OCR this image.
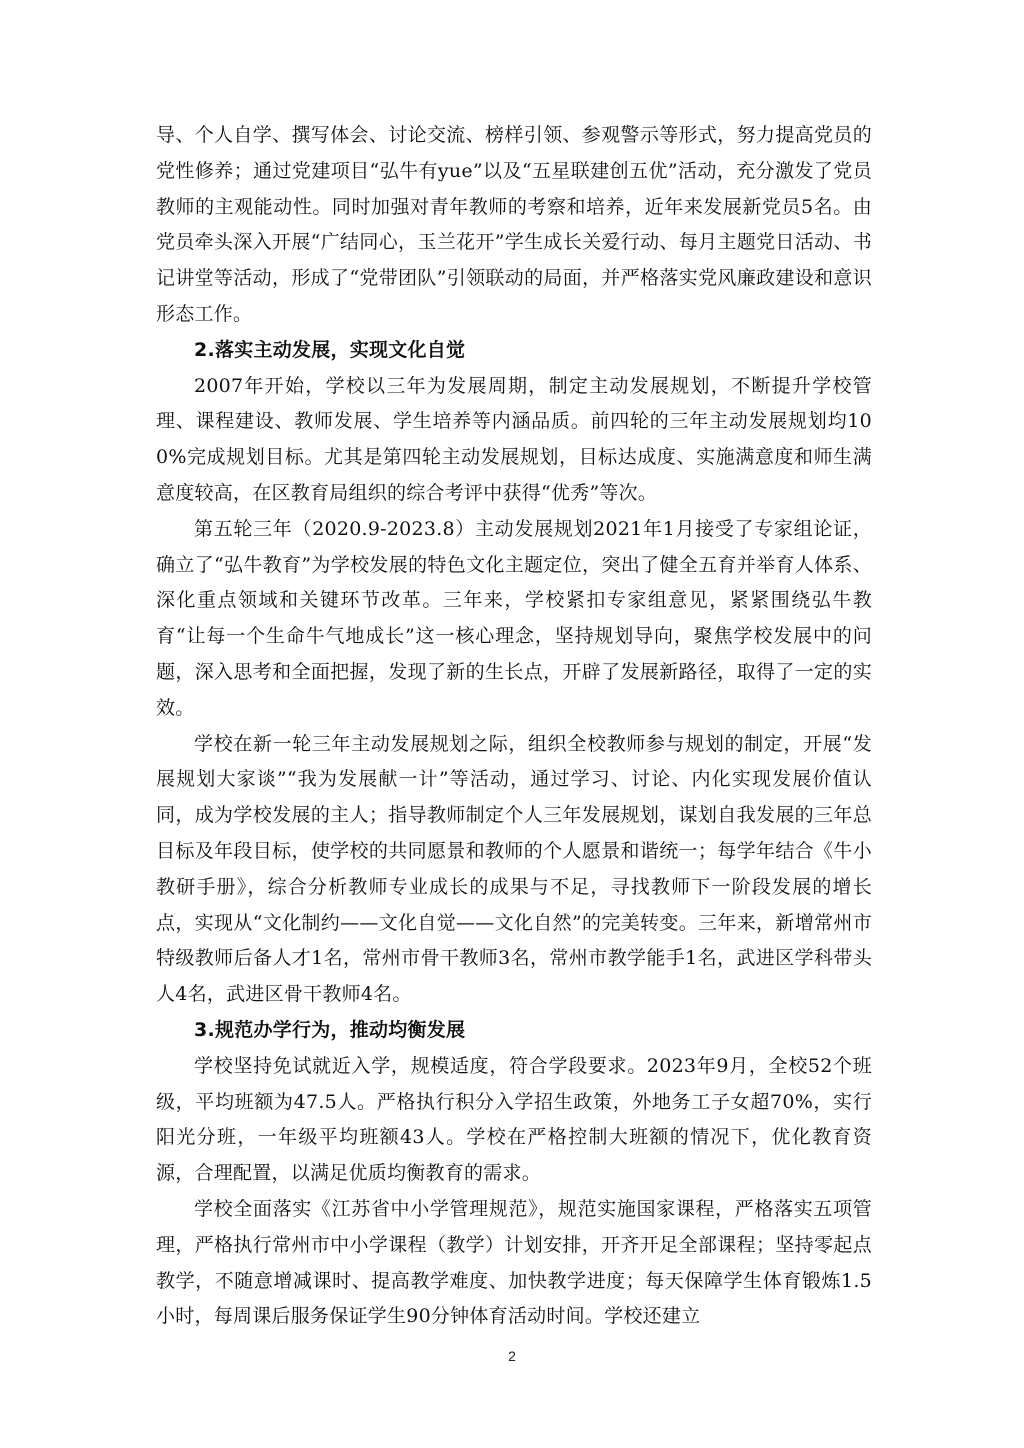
导、个人自学、撰写体会、讨论交流、榜样引领、参观警示等形式，努力提高党员的党性修养；通过党建项目“弘牛有yue”以及“五星联建创五优”活动，充分激发了党员教师的主观能动性。同时加强对青年教师的考察和培养，近年来发展新党员5名。由党员牵头深入开展“广结同心，玉兰花开”学生成长关爱行动、每月主题党日活动、书记讲堂等活动，形成了“党带团队”引领联动的局面，并严格落实党风廉政建设和意识形态工作。

2.落实主动发展，实现文化自觉

2007年开始，学校以三年为发展周期，制定主动发展规划，不断提升学校管理、课程建设、教师发展、学生培养等内涵品质。前四轮的三年主动发展规划均100%完成规划目标。尤其是第四轮主动发展规划，目标达成度、实施满意度和师生满意度较高，在区教育局组织的综合考评中获得“优秀”等次。

第五轮三年（2020.9-2023.8）主动发展规划2021年1月接受了专家组论证，确立了“弘牛教育”为学校发展的特色文化主题定位，突出了健全五育并举育人体系、深化重点领域和关键环节改革。三年来，学校紧扣专家组意见，紧紧围绕弘牛教育“让每一个生命牛气地成长”这一核心理念，坚持规划导向，聚焦学校发展中的问题，深入思考和全面把握，发现了新的生长点，开辟了发展新路径，取得了一定的实效。

学校在新一轮三年主动发展规划之际，组织全校教师参与规划的制定，开展“发展规划大家谈”“我为发展献一计”等活动，通过学习、讨论、内化实现发展价值认同，成为学校发展的主人；指导教师制定个人三年发展规划，谋划自我发展的三年总目标及年段目标，使学校的共同愿景和教师的个人愿景和谐统一；每学年结合《牛小教研手册》，综合分析教师专业成长的成果与不足，寻找教师下一阶段发展的增长点，实现从“文化制约——文化自觉——文化自然”的完美转变。三年来，新增常州市特级教师后备人才1名，常州市骨干教师3名，常州市教学能手1名，武进区学科带头人4名，武进区骨干教师4名。

3.规范办学行为，推动均衡发展

学校坚持免试就近入学，规模适度，符合学段要求。2023年9月，全校52个班级，平均班额为47.5人。严格执行积分入学招生政策，外地务工子女超70%，实行阳光分班，一年级平均班额43人。学校在严格控制大班额的情况下，优化教育资源，合理配置，以满足优质均衡教育的需求。

学校全面落实《江苏省中小学管理规范》，规范实施国家课程，严格落实五项管理，严格执行常州市中小学课程（教学）计划安排，开齐开足全部课程；坚持零起点教学，不随意增减课时、提高教学难度、加快教学进度；每天保障学生体育锻炼1.5小时，每周课后服务保证学生90分钟体育活动时间。学校还建立

2
